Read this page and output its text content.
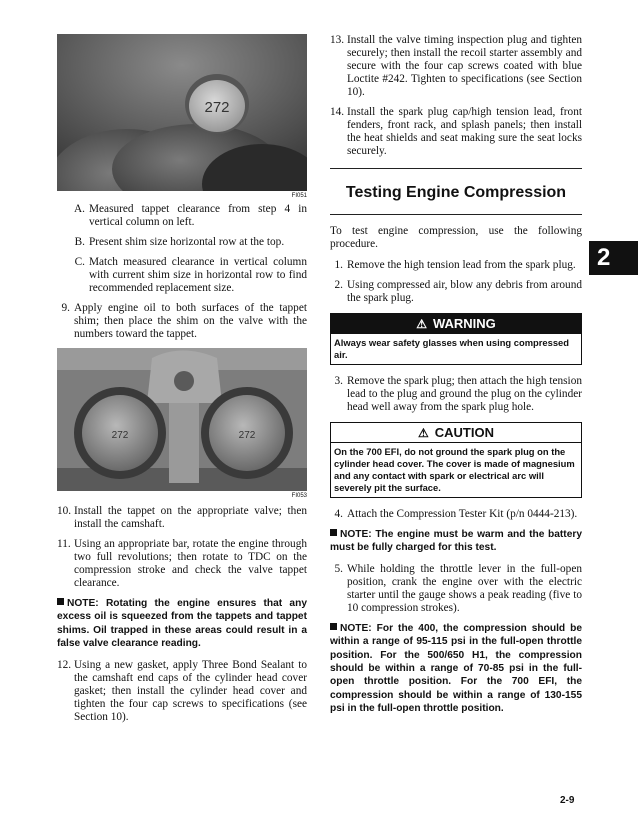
272
FI051
A. Measured tappet clearance from step 4 in vertical column on left.
B. Present shim size horizontal row at the top.
C. Match measured clearance in vertical column with current shim size in horizontal row to find recommended replacement size.
9. Apply engine oil to both surfaces of the tappet shim; then place the shim on the valve with the numbers toward the tappet.
272	272
FI053
10. Install the tappet on the appropriate valve; then install the camshaft.
11. Using an appropriate bar, rotate the engine through two full revolutions; then rotate to TDC on the compression stroke and check the valve tappet clearance.
NOTE: Rotating the engine ensures that any excess oil is squeezed from the tappets and tappet shims. Oil trapped in these areas could result in a false valve clearance reading.
12. Using a new gasket, apply Three Bond Sealant to the camshaft end caps of the cylinder head cover gasket; then install the cylinder head cover and tighten the four cap screws to specifications (see Section 10).
13. Install the valve timing inspection plug and tighten securely; then install the recoil starter assembly and secure with the four cap screws coated with blue Loctite #242. Tighten to specifications (see Section 10).
14. Install the spark plug cap/high tension lead, front fenders, front rack, and splash panels; then install the heat shields and seat making sure the seat locks securely.
Testing Engine Compression
To test engine compression, use the following procedure.
1. Remove the high tension lead from the spark plug.
2. Using compressed air, blow any debris from around the spark plug.
⚠ WARNING
Always wear safety glasses when using compressed air.
3. Remove the spark plug; then attach the high tension lead to the plug and ground the plug on the cylinder head well away from the spark plug hole.
⚠ CAUTION
On the 700 EFI, do not ground the spark plug on the cylinder head cover. The cover is made of magnesium and any contact with spark or electrical arc will severely pit the surface.
4. Attach the Compression Tester Kit (p/n 0444-213).
NOTE: The engine must be warm and the battery must be fully charged for this test.
5. While holding the throttle lever in the full-open position, crank the engine over with the electric starter until the gauge shows a peak reading (five to 10 compression strokes).
NOTE: For the 400, the compression should be within a range of 95-115 psi in the full-open throttle position. For the 500/650 H1, the compression should be within a range of 70-85 psi in the full-open throttle position. For the 700 EFI, the compression should be within a range of 130-155 psi in the full-open throttle position.
2
2-9
